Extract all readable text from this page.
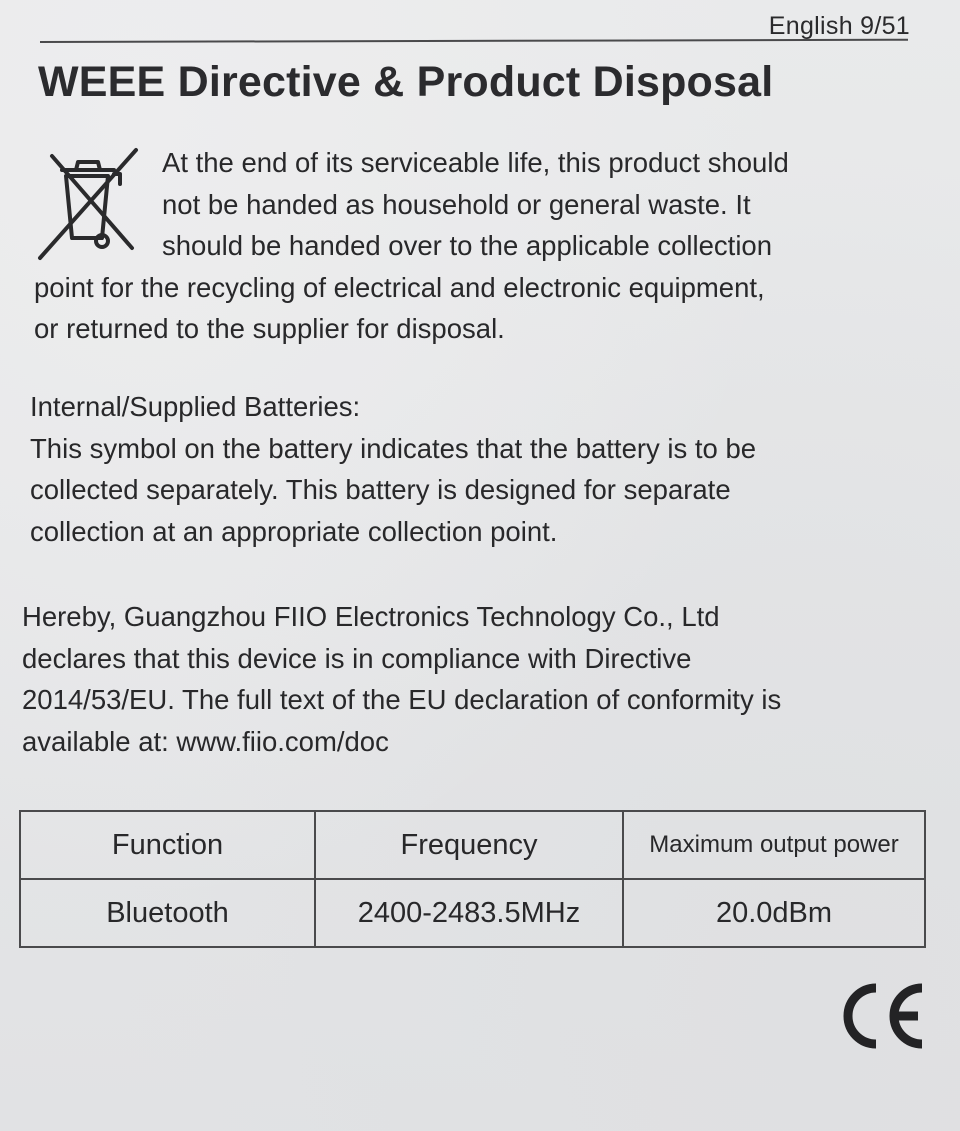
English 9/51
WEEE Directive & Product Disposal

At the end of its serviceable life, this product should
not be handed as household or general waste. It
should be handed over to the applicable collection
point for the recycling of electrical and electronic equipment,
or returned to the supplier for disposal.

Internal/Supplied Batteries:
This symbol on the battery indicates that the battery is to be
collected separately. This battery is designed for separate
collection at an appropriate collection point.

Hereby, Guangzhou FIIO Electronics Technology Co., Ltd
declares that this device is in compliance with Directive
2014/53/EU. The full text of the EU declaration of conformity is
available at: www.fiio.com/doc

Function	Frequency	Maximum output power
Bluetooth	2400-2483.5MHz	20.0dBm
